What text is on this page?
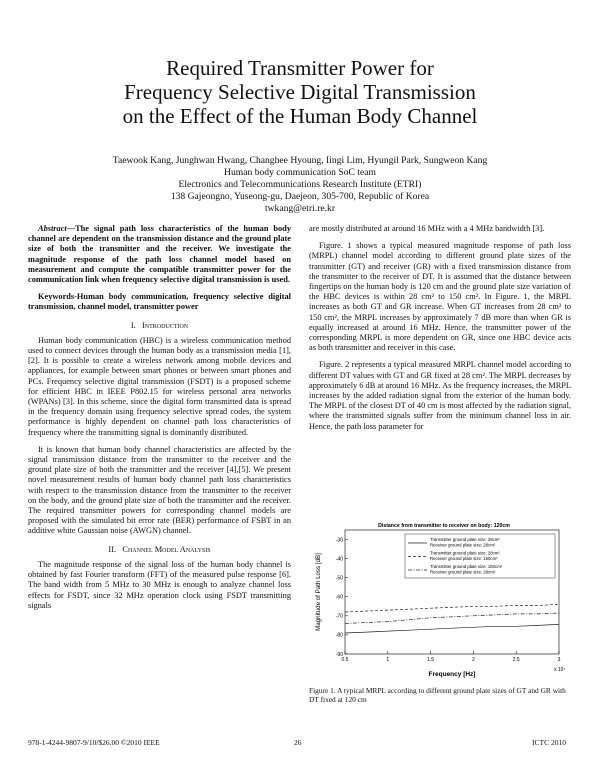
Required Transmitter Power for
Frequency Selective Digital Transmission
on the Effect of the Human Body Channel
Taewook Kang, Junghwan Hwang, Changhee Hyoung, Iingi Lim, Hyungil Park, Sungweon Kang
Human body communication SoC team
Electronics and Telecommunications Research Institute (ETRI)
138 Gajeongno, Yuseong-gu, Daejeon, 305-700, Republic of Korea
twkang@etri.re.kr

Abstract—The signal path loss characteristics of the human body channel are dependent on the transmission distance and the ground plate size of both the transmitter and the receiver. We investigate the magnitude response of the path loss channel model based on measurement and compute the compatible transmitter power for the communication link when frequency selective digital transmission is used.

Keywords-Human body communication, frequency selective digital transmission, channel model, transmitter power

I. Introduction

Human body communication (HBC) is a wireless communication method used to connect devices through the human body as a transmission media [1], [2]. It is possible to create a wireless network among mobile devices and appliances, for example between smart phones or between smart phones and PCs. Frequency selective digital transmission (FSDT) is a proposed scheme for efficient HBC in IEEE P802.15 for wireless personal area networks (WPANs) [3]. In this scheme, since the digital form transmitted data is spread in the frequency domain using frequency selective spread codes, the system performance is highly dependent on channel path loss characteristics of frequency where the transmitting signal is dominantly distributed.

It is known that human body channel characteristics are affected by the signal transmission distance from the transmitter to the receiver and the ground plate size of both the transmitter and the receiver [4],[5]. We present novel measurement results of human body channel path loss characteristics with respect to the transmission distance from the transmitter to the receiver on the body, and the ground plate size of both the transmitter and the receiver. The required transmitter powers for corresponding channel models are proposed with the simulated bit error rate (BER) performance of FSBT in an additive white Gaussian noise (AWGN) channel.

II. Channel Model Analysis

The magnitude response of the signal loss of the human body channel is obtained by fast Fourier transform (FFT) of the measured pulse response [6]. The band width from 5 MHz to 30 MHz is enough to analyze channel loss effects for FSDT, since 32 MHz operation clock using FSDT transmitting signals

are mostly distributed at around 16 MHz with a 4 MHz bandwidth [3].

Figure. 1 shows a typical measured magnitude response of path loss (MRPL) channel model according to different ground plate sizes of the transmitter (GT) and receiver (GR) with a fixed transmission distance from the transmitter to the receiver of DT. It is assumed that the distance between fingertips on the human body is 120 cm and the ground plate size variation of the HBC devices is within 28 cm² to 150 cm². In Figure. 1, the MRPL increases as both GT and GR increase. When GT increases from 28 cm² to 150 cm², the MRPL increases by approximately 7 dB more than when GR is equally increased at around 16 MHz. Hence, the transmitter power of the corresponding MRPL is more dependent on GR, since one HBC device acts as both transmitter and receiver in this case.

Figure. 2 represents a typical measured MRPL channel model according to different DT values with GT and GR fixed at 28 cm². The MRPL decreases by approximately 6 dB at around 16 MHz. As the frequency increases, the MRPL increases by the added radiation signal from the exterior of the human body. The MRPL of the closest DT of 40 cm is most affected by the radiation signal, where the transmitted signals suffer from the minimum channel loss in air. Hence, the path loss parameter for

Distance from transmitter to receiver on body: 120cm
-30
-40
-50
-60
-70
-80
-90
0.5	1	1.5	2	2.5	3
Transmitter ground plate size: 28cm²
Receiver ground plate size: 28cm²
Transmitter ground plate size: 28cm²
Receiver ground plate size: 150cm²
Transmitter ground plate size: 150cm²
Receiver ground plate size: 28cm²
Magnitude of Path Loss [dB]
Frequency [Hz]
x 10⁷
Figure 1. A typical MRPL according to different ground plate sizes of GT and GR with DT fixed at 120 cm
978-1-4244-9807-9/10/$26.00 ©2010 IEEE	26	ICTC 2010
